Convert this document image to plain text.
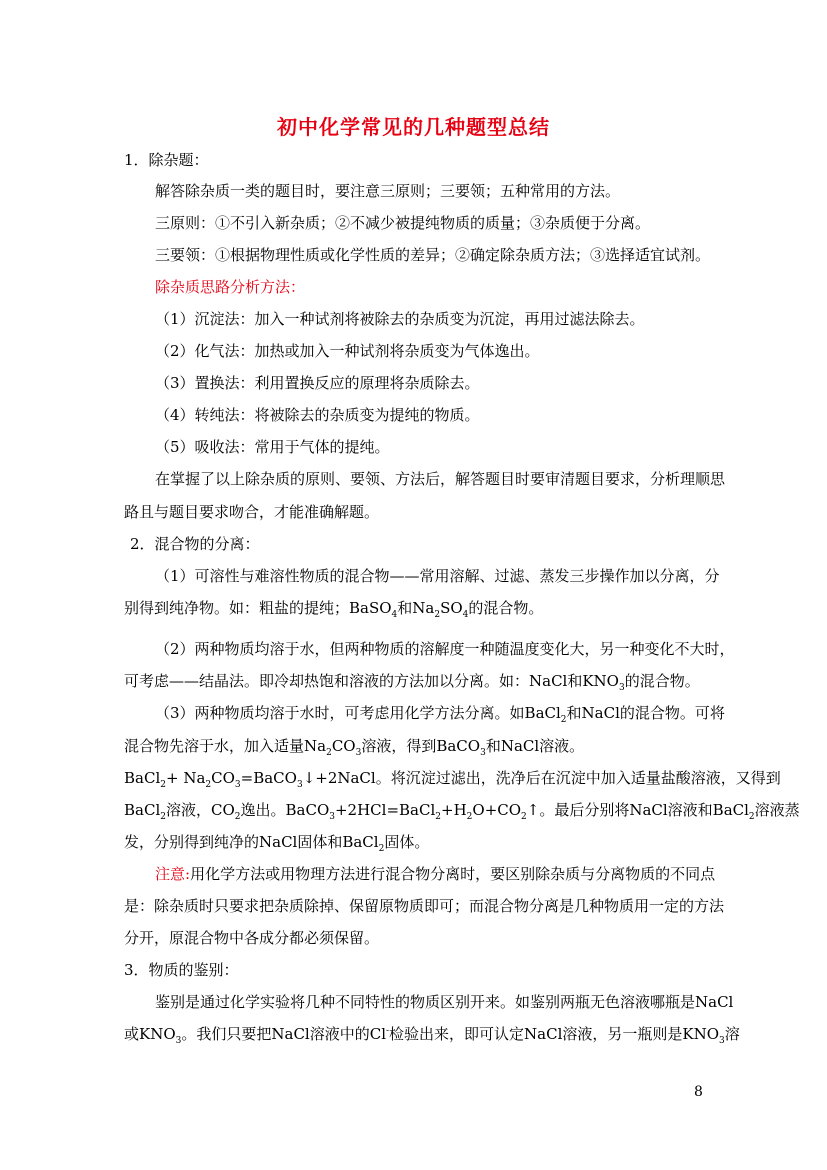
初中化学常见的几种题型总结
1．除杂题：
解答除杂质一类的题目时，要注意三原则；三要领；五种常用的方法。
三原则：①不引入新杂质；②不减少被提纯物质的质量；③杂质便于分离。
三要领：①根据物理性质或化学性质的差异；②确定除杂质方法；③选择适宜试剂。
除杂质思路分析方法：
（1）沉淀法：加入一种试剂将被除去的杂质变为沉淀，再用过滤法除去。
（2）化气法：加热或加入一种试剂将杂质变为气体逸出。
（3）置换法：利用置换反应的原理将杂质除去。
（4）转纯法：将被除去的杂质变为提纯的物质。
（5）吸收法：常用于气体的提纯。
在掌握了以上除杂质的原则、要领、方法后，解答题目时要审清题目要求，分析理顺思
路且与题目要求吻合，才能准确解题。
2．混合物的分离：
（1）可溶性与难溶性物质的混合物——常用溶解、过滤、蒸发三步操作加以分离，分
别得到纯净物。如：粗盐的提纯；BaSO$_4$和$Na_2SO_4$的混合物。
（2）两种物质均溶于水，但两种物质的溶解度一种随温度变化大，另一种变化不大时，
可考虑——结晶法。即冷却热饱和溶液的方法加以分离。如：NaCl和$KNO_3$的混合物。
（3）两种物质均溶于水时，可考虑用化学方法分离。如BaCl$_2$和NaCl的混合物。可将
混合物先溶于水，加入适量$Na_2CO_3$溶液，得到BaCO$_3$和NaCl溶液。
BaCl$_2$+ $Na_2CO_3=BaCO_3↓+2NaCl$。将沉淀过滤出，洗净后在沉淀中加入适量盐酸溶液，又得到
BaCl$_2$溶液，$CO_2$逸出。$BaCO_3+2HCl=BaCl_2+H_2O+CO_2↑$。最后分别将NaCl溶液和BaCl$_2$溶液蒸
发，分别得到纯净的NaCl固体和BaCl$_2$固体。
注意:用化学方法或用物理方法进行混合物分离时，要区别除杂质与分离物质的不同点
是：除杂质时只要求把杂质除掉、保留原物质即可；而混合物分离是几种物质用一定的方法
分开，原混合物中各成分都必须保留。
3．物质的鉴别：
鉴别是通过化学实验将几种不同特性的物质区别开来。如鉴别两瓶无色溶液哪瓶是NaCl
或$KNO_3$。我们只要把NaCl溶液中的Cl-检验出来，即可认定NaCl溶液，另一瓶则是$KNO_3$溶
8
